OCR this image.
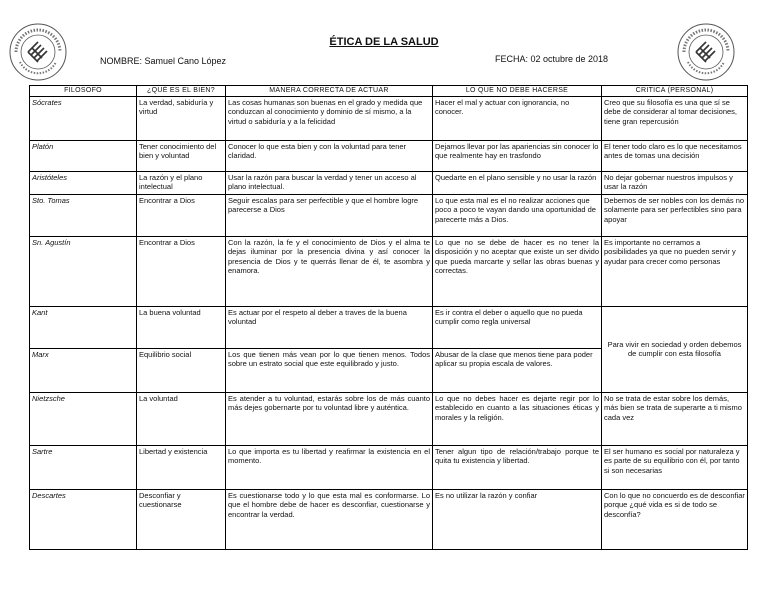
ÉTICA DE LA SALUD
NOMBRE: Samuel Cano López	FECHA: 02 octubre de 2018
FILOSOFO	¿QUÉ ES EL BIEN?	MANERA CORRECTA DE ACTUAR	LO QUE NO DEBE HACERSE	CRITICA (PERSONAL)
Sócrates	La verdad, sabiduría y virtud	Las cosas humanas son buenas en el grado y medida que conduzcan al conocimiento y dominio de sí mismo, a la virtud o sabiduría y a la felicidad	Hacer el mal y actuar con ignorancia, no conocer.	Creo que su filosofía es una que sí se debe de considerar al tomar decisiones, tiene gran repercusión
Platón	Tener conocimiento del bien y voluntad	Conocer lo que esta bien y con la voluntad para tener claridad.	Dejarnos llevar por las apariencias sin conocer lo que realmente hay en trasfondo	El tener todo claro es lo que necesitamos antes de tomas una decisión
Aristóteles	La razón y el plano intelectual	Usar la razón para buscar la verdad y tener un acceso al plano intelectual.	Quedarte en el plano sensible y no usar la razón	No dejar gobernar nuestros impulsos y usar la razón
Sto. Tomas	Encontrar a Dios	Seguir escalas para ser perfectible y que el hombre logre parecerse a Dios	Lo que esta mal es el no realizar acciones que poco a poco te vayan dando una oportunidad de parecerte más a Dios.	Debemos de ser nobles con los demás no solamente para ser perfectibles sino para apoyar
Sn. Agustín	Encontrar a Dios	Con la razón, la fe y el conocimiento de Dios y el alma te dejas iluminar por la presencia divina y así conocer la presencia de Dios y te querrás llenar de él, te asombra y enamora.	Lo que no se debe de hacer es no tener la disposición y no aceptar que existe un ser divido que pueda marcarte y sellar las obras buenas y correctas.	Es importante no cerramos a posibilidades ya que no pueden servir y ayudar para crecer como personas
Kant	La buena voluntad	Es actuar por el respeto al deber a traves de la buena voluntad	Es ir contra el deber o aquello que no pueda cumplir como regla universal	Para vivir en sociedad y orden debemos de cumplir con esta filosofía
Marx	Equilibrio social	Los que tienen más vean por lo que tienen menos. Todos sobre un estrato social que este equilibrado y justo.	Abusar de la clase que menos tiene para poder aplicar su propia escala de valores.	
Nietzsche	La voluntad	Es atender a tu voluntad, estarás sobre los de más cuanto más dejes gobernarte por tu voluntad libre y auténtica.	Lo que no debes hacer es dejarte regir por lo establecido en cuanto a las situaciones éticas y morales y la religión.	No se trata de estar sobre los demás, más bien se trata de superarte a ti mismo cada vez
Sartre	Libertad y existencia	Lo que importa es tu libertad y reafirmar la existencia en el momento.	Tener algun tipo de relación/trabajo porque te quita tu existencia y libertad.	El ser humano es social por naturaleza y es parte de su equilibrio con él, por tanto si son necesarias
Descartes	Desconfiar y cuestionarse	Es cuestionarse todo y lo que esta mal es conformarse. Lo que el hombre debe de hacer es desconfiar, cuestionarse y encontrar la verdad.	Es no utilizar la razón y confiar	Con lo que no concuerdo es de desconfiar porque ¿qué vida es si de todo se desconfía?
